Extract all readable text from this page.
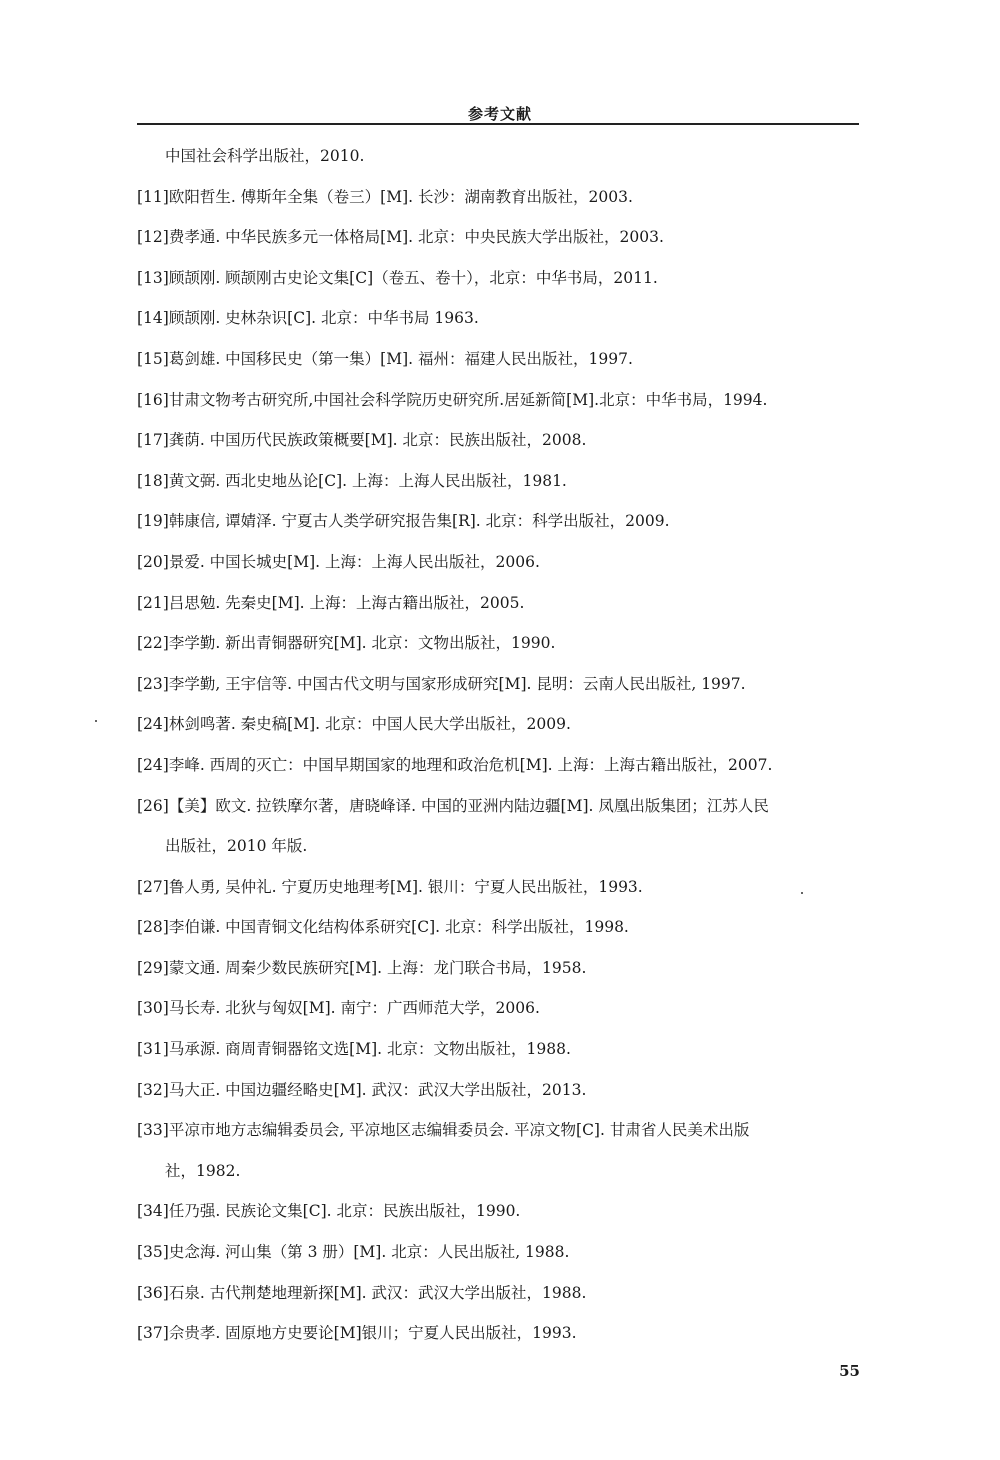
参考文献
中国社会科学出版社，2010.
[11]欧阳哲生. 傅斯年全集（卷三）[M]. 长沙：湖南教育出版社，2003.
[12]费孝通. 中华民族多元一体格局[M]. 北京：中央民族大学出版社，2003.
[13]顾颉刚. 顾颉刚古史论文集[C]（卷五、卷十），北京：中华书局，2011.
[14]顾颉刚. 史林杂识[C]. 北京：中华书局 1963.
[15]葛剑雄. 中国移民史（第一集）[M]. 福州：福建人民出版社，1997.
[16]甘肃文物考古研究所,中国社会科学院历史研究所.居延新简[M].北京：中华书局，1994.
[17]龚荫. 中国历代民族政策概要[M]. 北京：民族出版社，2008.
[18]黄文弼. 西北史地丛论[C]. 上海：上海人民出版社，1981.
[19]韩康信, 谭婧泽. 宁夏古人类学研究报告集[R]. 北京：科学出版社，2009.
[20]景爱. 中国长城史[M]. 上海：上海人民出版社，2006.
[21]吕思勉. 先秦史[M]. 上海：上海古籍出版社，2005.
[22]李学勤. 新出青铜器研究[M]. 北京：文物出版社，1990.
[23]李学勤, 王宇信等. 中国古代文明与国家形成研究[M]. 昆明：云南人民出版社, 1997.
[24]林剑鸣著. 秦史稿[M]. 北京：中国人民大学出版社，2009.
[24]李峰. 西周的灭亡：中国早期国家的地理和政治危机[M]. 上海：上海古籍出版社，2007.
[26]【美】欧文. 拉铁摩尔著，唐晓峰译. 中国的亚洲内陆边疆[M]. 凤凰出版集团；江苏人民
出版社，2010 年版.
[27]鲁人勇, 吴仲礼. 宁夏历史地理考[M]. 银川：宁夏人民出版社，1993.
[28]李伯谦. 中国青铜文化结构体系研究[C]. 北京：科学出版社，1998.
[29]蒙文通. 周秦少数民族研究[M]. 上海：龙门联合书局，1958.
[30]马长寿. 北狄与匈奴[M]. 南宁：广西师范大学，2006.
[31]马承源. 商周青铜器铭文选[M]. 北京：文物出版社，1988.
[32]马大正. 中国边疆经略史[M]. 武汉：武汉大学出版社，2013.
[33]平凉市地方志编辑委员会, 平凉地区志编辑委员会. 平凉文物[C]. 甘肃省人民美术出版
社，1982.
[34]任乃强. 民族论文集[C]. 北京：民族出版社，1990.
[35]史念海. 河山集（第 3 册）[M]. 北京：人民出版社, 1988.
[36]石泉. 古代荆楚地理新探[M]. 武汉：武汉大学出版社，1988.
[37]佘贵孝. 固原地方史要论[M]银川；宁夏人民出版社，1993.
55
